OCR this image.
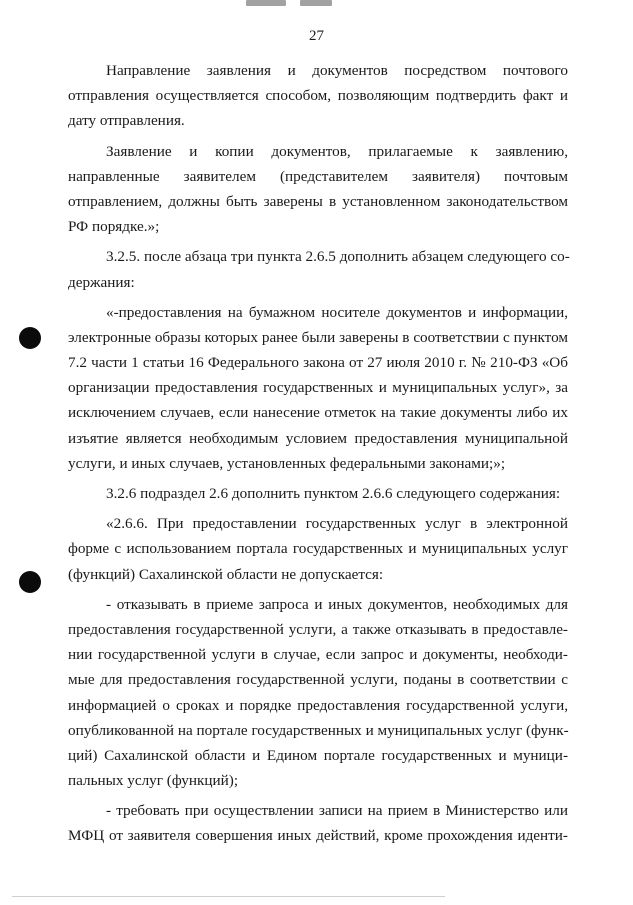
27
Направление заявления и документов посредством почтового
отправления осуществляется способом, позволяющим подтвердить факт и
дату отправления.
Заявление и копии документов, прилагаемые к заявлению,
направленные заявителем (представителем заявителя) почтовым
отправлением, должны быть заверены в установленном законодательством
РФ порядке.»;
3.2.5. после абзаца три пункта 2.6.5 дополнить абзацем следующего со-
держания:
«-предоставления на бумажном носителе документов и информации,
электронные образы которых ранее были заверены в соответствии с пунктом
7.2 части 1 статьи 16 Федерального закона от 27 июля 2010 г. № 210-ФЗ «Об
организации предоставления государственных и муниципальных услуг», за
исключением случаев, если нанесение отметок на такие документы либо их
изъятие является необходимым условием предоставления муниципальной
услуги, и иных случаев, установленных федеральными законами;»;
3.2.6 подраздел 2.6 дополнить пунктом 2.6.6 следующего содержания:
«2.6.6. При предоставлении государственных услуг в электронной
форме с использованием портала государственных и муниципальных услуг
(функций) Сахалинской области не допускается:
- отказывать в приеме запроса и иных документов, необходимых для
предоставления государственной услуги, а также отказывать в предоставле-
нии государственной услуги в случае, если запрос и документы, необходи-
мые для предоставления государственной услуги, поданы в соответствии с
информацией о сроках и порядке предоставления государственной услуги,
опубликованной на портале государственных и муниципальных услуг (функ-
ций) Сахалинской области и Едином портале государственных и муници-
пальных услуг (функций);
- требовать при осуществлении записи на прием в Министерство или
МФЦ от заявителя совершения иных действий, кроме прохождения иденти-
